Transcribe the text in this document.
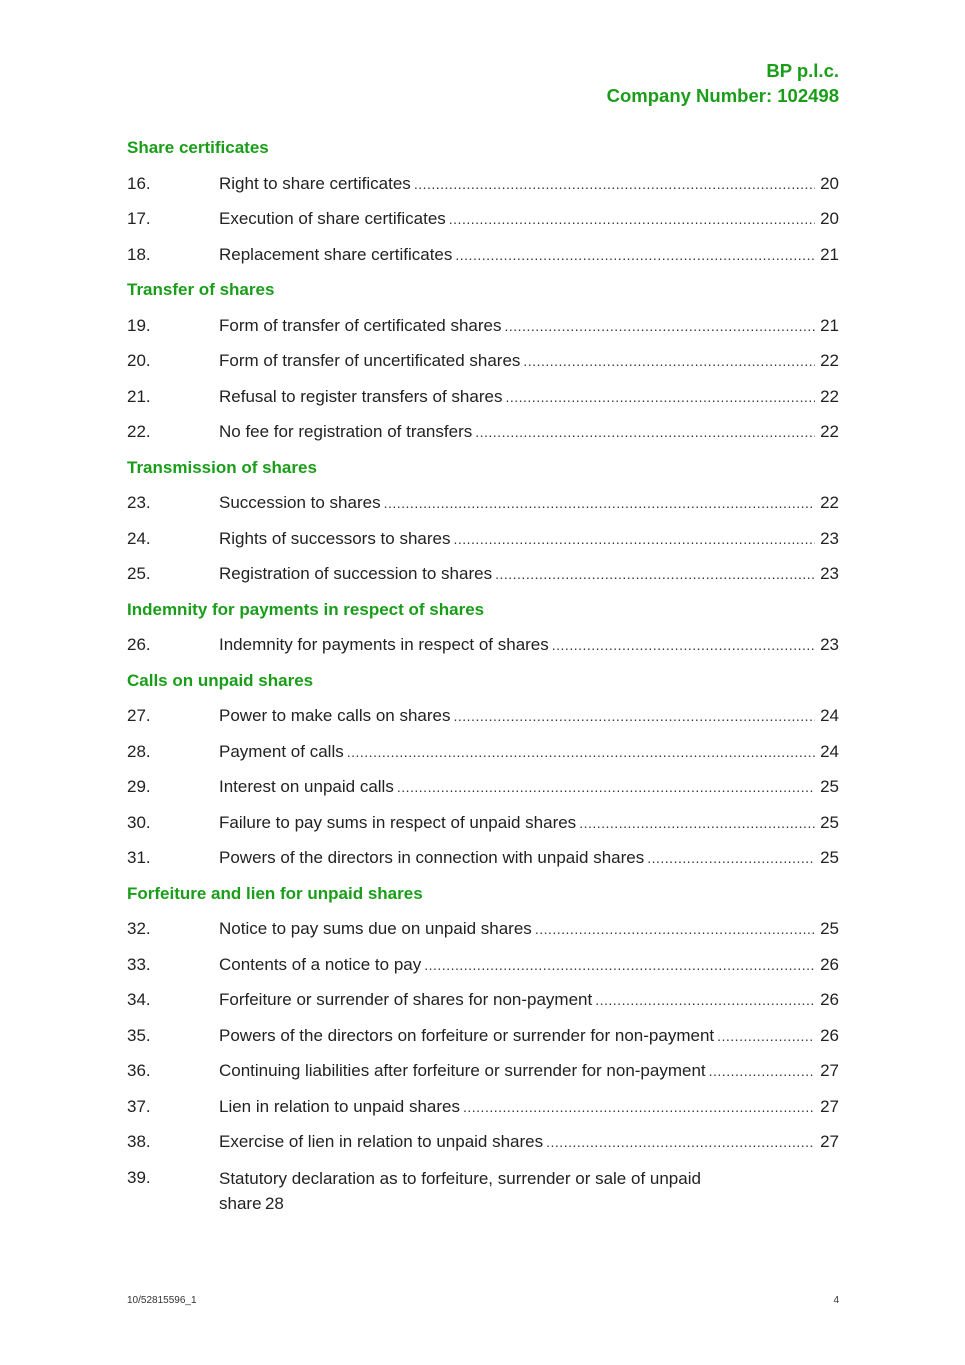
BP p.l.c.
Company Number: 102498
Share certificates
16.	Right to share certificates .....	20
17.	Execution of share certificates .....	20
18.	Replacement share certificates .....	21
Transfer of shares
19.	Form of transfer of certificated shares .....	21
20.	Form of transfer of uncertificated shares .....	22
21.	Refusal to register transfers of shares .....	22
22.	No fee for registration of transfers .....	22
Transmission of shares
23.	Succession to shares .....	22
24.	Rights of successors to shares .....	23
25.	Registration of succession to shares .....	23
Indemnity for payments in respect of shares
26.	Indemnity for payments in respect of shares .....	23
Calls on unpaid shares
27.	Power to make calls on shares .....	24
28.	Payment of calls .....	24
29.	Interest on unpaid calls .....	25
30.	Failure to pay sums in respect of unpaid shares .....	25
31.	Powers of the directors in connection with unpaid shares .....	25
Forfeiture and lien for unpaid shares
32.	Notice to pay sums due on unpaid shares .....	25
33.	Contents of a notice to pay .....	26
34.	Forfeiture or surrender of shares for non-payment .....	26
35.	Powers of the directors on forfeiture or surrender for non-payment .....	26
36.	Continuing liabilities after forfeiture or surrender for non-payment .....	27
37.	Lien in relation to unpaid shares .....	27
38.	Exercise of lien in relation to unpaid shares .....	27
39.	Statutory declaration as to forfeiture, surrender or sale of unpaid share  28
10/52815596_1	4
